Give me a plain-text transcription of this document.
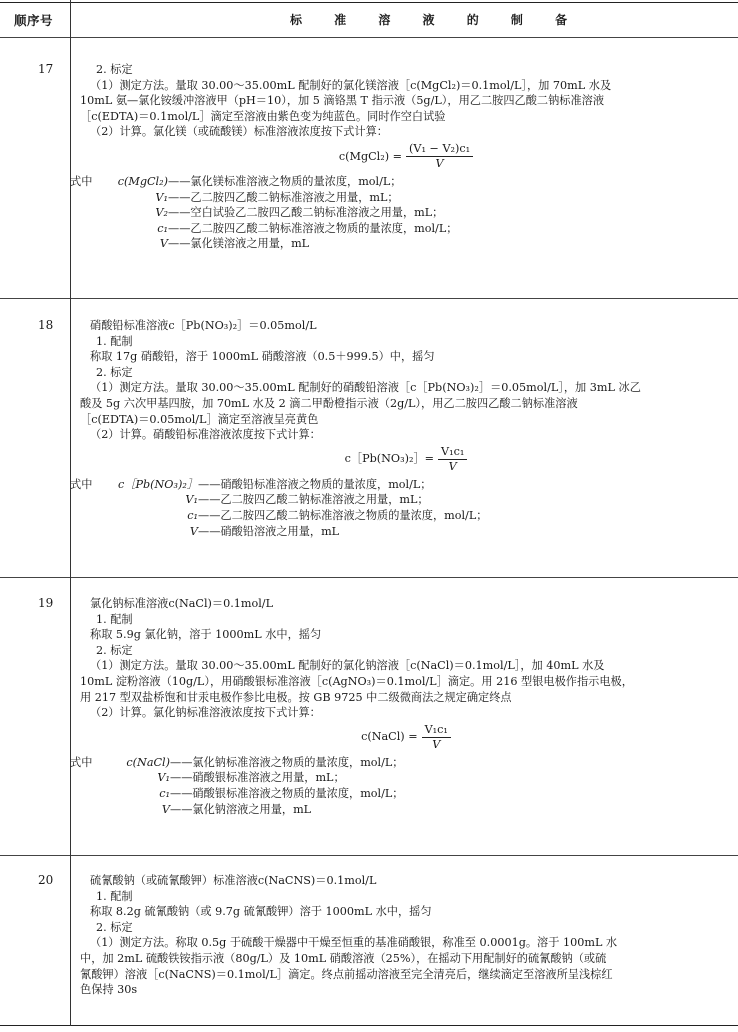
顺序号	标 准 溶 液 的 制 备
17	2. 标定
（1）测定方法。量取 30.00～35.00mL 配制好的氯化镁溶液［c(MgCl₂)＝0.1mol/L］，加 70mL 水及
10mL 氨—氯化铵缓冲溶液甲（pH＝10），加 5 滴铬黑 T 指示液（5g/L），用乙二胺四乙酸二钠标准溶液
［c(EDTA)＝0.1mol/L］滴定至溶液由紫色变为纯蓝色。同时作空白试验
（2）计算。氯化镁（或硫酸镁）标准溶液浓度按下式计算：
c(MgCl₂) = $\frac{\text{(V₁ − V₂)c₁}}{V}$
式中	c(MgCl₂) ——氯化镁标准溶液之物质的量浓度，mol/L；
V₁ ——乙二胺四乙酸二钠标准溶液之用量，mL；
V₂ ——空白试验乙二胺四乙酸二钠标准溶液之用量，mL；
c₁ ——乙二胺四乙酸二钠标准溶液之物质的量浓度，mol/L；
V ——氯化镁溶液之用量，mL
18	硝酸铅标准溶液c［Pb(NO₃)₂］＝0.05mol/L
1. 配制
称取 17g 硝酸铅，溶于 1000mL 硝酸溶液（0.5＋999.5）中，摇匀
2. 标定
（1）测定方法。量取 30.00～35.00mL 配制好的硝酸铅溶液［c［Pb(NO₃)₂］＝0.05mol/L］，加 3mL 冰乙
酸及 5g 六次甲基四胺，加 70mL 水及 2 滴二甲酚橙指示液（2g/L），用乙二胺四乙酸二钠标准溶液
［c(EDTA)＝0.05mol/L］滴定至溶液呈亮黄色
（2）计算。硝酸铅标准溶液浓度按下式计算：
c［Pb(NO₃)₂］= $\frac{\text{V₁c₁}}{V}$
式中	c［Pb(NO₃)₂］ ——硝酸铅标准溶液之物质的量浓度，mol/L；
V₁ ——乙二胺四乙酸二钠标准溶液之用量，mL；
c₁ ——乙二胺四乙酸二钠标准溶液之物质的量浓度，mol/L；
V ——硝酸铅溶液之用量，mL
19	氯化钠标准溶液c(NaCl)＝0.1mol/L
1. 配制
称取 5.9g 氯化钠，溶于 1000mL 水中，摇匀
2. 标定
（1）测定方法。量取 30.00～35.00mL 配制好的氯化钠溶液［c(NaCl)＝0.1mol/L］，加 40mL 水及
10mL 淀粉溶液（10g/L），用硝酸银标准溶液［c(AgNO₃)＝0.1mol/L］滴定。用 216 型银电极作指示电极，
用 217 型双盐桥饱和甘汞电极作参比电极。按 GB 9725 中二级微商法之规定确定终点
（2）计算。氯化钠标准溶液浓度按下式计算：
c(NaCl) = $\frac{\text{V₁c₁}}{V}$
式中	c(NaCl) ——氯化钠标准溶液之物质的量浓度，mol/L；
V₁ ——硝酸银标准溶液之用量，mL；
c₁ ——硝酸银标准溶液之物质的量浓度，mol/L；
V ——氯化钠溶液之用量，mL
20	硫氰酸钠（或硫氰酸钾）标准溶液c(NaCNS)＝0.1mol/L
1. 配制
称取 8.2g 硫氰酸钠（或 9.7g 硫氰酸钾）溶于 1000mL 水中，摇匀
2. 标定
（1）测定方法。称取 0.5g 于硫酸干燥器中干燥至恒重的基准硝酸银，称准至 0.0001g。溶于 100mL 水
中，加 2mL 硫酸铁铵指示液（80g/L）及 10mL 硝酸溶液（25%），在摇动下用配制好的硫氰酸钠（或硫
氰酸钾）溶液［c(NaCNS)＝0.1mol/L］滴定。终点前摇动溶液至完全清亮后，继续滴定至溶液所呈浅棕红
色保持 30s
